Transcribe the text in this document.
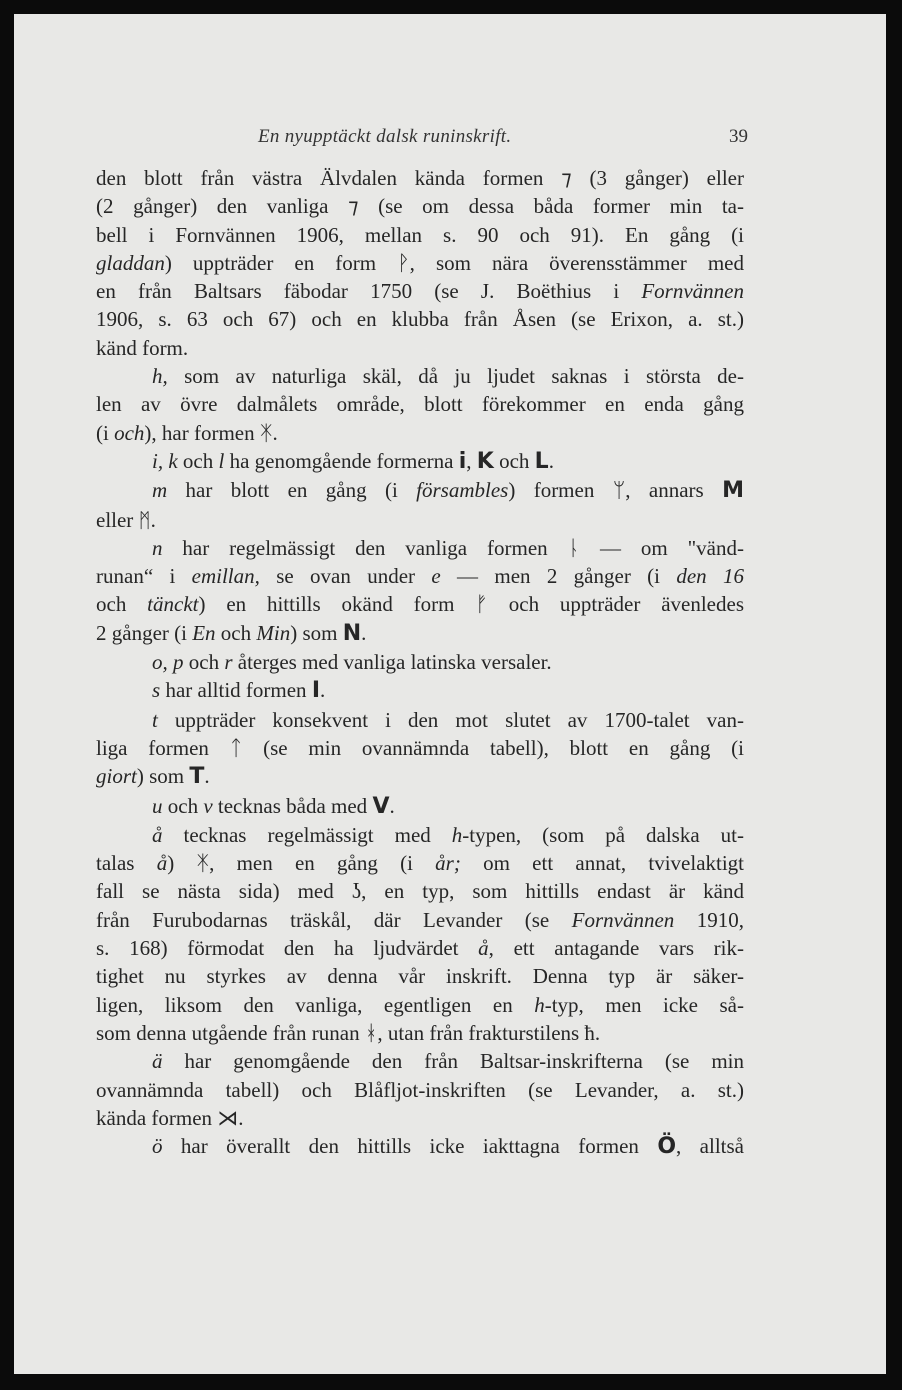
En nyupptäckt dalsk runinskrift.	39
den blott från västra Älvdalen kända formen ⁊ (3 gånger) eller
(2 gånger) den vanliga ⁊ (se om dessa båda former min ta-
bell i Fornvännen 1906, mellan s. 90 och 91). En gång (i
gladdan) uppträder en form ᚹ, som nära överensstämmer med
en från Baltsars fäbodar 1750 (se J. Boëthius i Fornvännen
1906, s. 63 och 67) och en klubba från Åsen (se Erixon, a. st.)
känd form.
h, som av naturliga skäl, då ju ljudet saknas i största de-
len av övre dalmålets område, blott förekommer en enda gång
(i och), har formen ᛡ.
i, k och l ha genomgående formerna i, K och L.
m har blott en gång (i försambles) formen ᛘ, annars M
eller ᛗ.
n har regelmässigt den vanliga formen ᚿ — om "vänd-
runan“ i emillan, se ovan under e — men 2 gånger (i den 16
och tänckt) en hittills okänd form ᚠ och uppträder ävenledes
2 gånger (i En och Min) som N.
o, p och r återges med vanliga latinska versaler.
s har alltid formen I.
t uppträder konsekvent i den mot slutet av 1700-talet van-
liga formen ᛏ (se min ovannämnda tabell), blott en gång (i
giort) som T.
u och v tecknas båda med V.
å tecknas regelmässigt med h-typen, (som på dalska ut-
talas å) ᛡ, men en gång (i år; om ett annat, tvivelaktigt
fall se nästa sida) med ʖ, en typ, som hittills endast är känd
från Furubodarnas träskål, där Levander (se Fornvännen 1910,
s. 168) förmodat den ha ljudvärdet å, ett antagande vars rik-
tighet nu styrkes av denna vår inskrift. Denna typ är säker-
ligen, liksom den vanliga, egentligen en h-typ, men icke så-
som denna utgående från runan ᚼ, utan från frakturstilens ħ.
ä har genomgående den från Baltsar-inskrifterna (se min
ovannämnda tabell) och Blåfljot-inskriften (se Levander, a. st.)
kända formen ⋊.
ö har överallt den hittills icke iakttagna formen Ö, alltså
